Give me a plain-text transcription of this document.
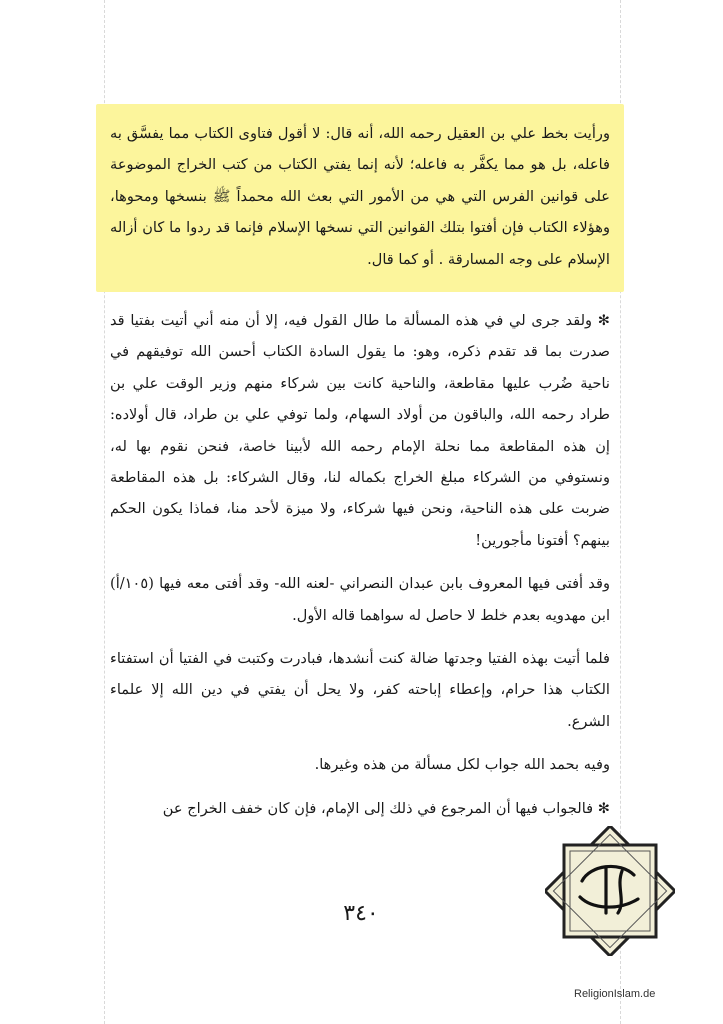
ورأيت بخط علي بن العقيل رحمه الله، أنه قال: لا أقول فتاوى الكتاب مما يفسَّق به فاعله، بل هو مما يكفَّر به فاعله؛ لأنه إنما يفتي الكتاب من كتب الخراج الموضوعة على قوانين الفرس التي هي من الأمور التي بعث الله محمداً ﷺ بنسخها ومحوها، وهؤلاء الكتاب فإن أفتوا بتلك القوانين التي نسخها الإسلام فإنما قد ردوا ما كان أزاله الإسلام على وجه المسارقة . أو كما قال.

✻ ولقد جرى لي في هذه المسألة ما طال القول فيه، إلا أن منه أني أتيت بفتيا قد صدرت بما قد تقدم ذكره، وهو: ما يقول السادة الكتاب أحسن الله توفيقهم في ناحية ضُرب عليها مقاطعة، والناحية كانت بين شركاء منهم وزير الوقت علي بن طراد رحمه الله، والباقون من أولاد السهام، ولما توفي علي بن طراد، قال أولاده: إن هذه المقاطعة مما نحلة الإمام رحمه الله لأبينا خاصة، فنحن نقوم بها له، ونستوفي من الشركاء مبلغ الخراج بكماله لنا، وقال الشركاء: بل هذه المقاطعة ضربت على هذه الناحية، ونحن فيها شركاء، ولا ميزة لأحد منا، فماذا يكون الحكم بينهم؟ أفتونا مأجورين!

وقد أفتى فيها المعروف بابن عبدان النصراني -لعنه الله- وقد أفتى معه فيها (١٠٥/أ) ابن مهدويه بعدم خلط لا حاصل له سواهما قاله الأول.

فلما أتيت بهذه الفتيا وجدتها ضالة كنت أنشدها، فبادرت وكتبت في الفتيا أن استفتاء الكتاب هذا حرام، وإعطاء إباحته كفر، ولا يحل أن يفتي في دين الله إلا علماء الشرع.

وفيه بحمد الله جواب لكل مسألة من هذه وغيرها.

✻ فالجواب فيها أن المرجوع في ذلك إلى الإمام، فإن كان خفف الخراج عن

٣٤٠
ReligionIslam.de
